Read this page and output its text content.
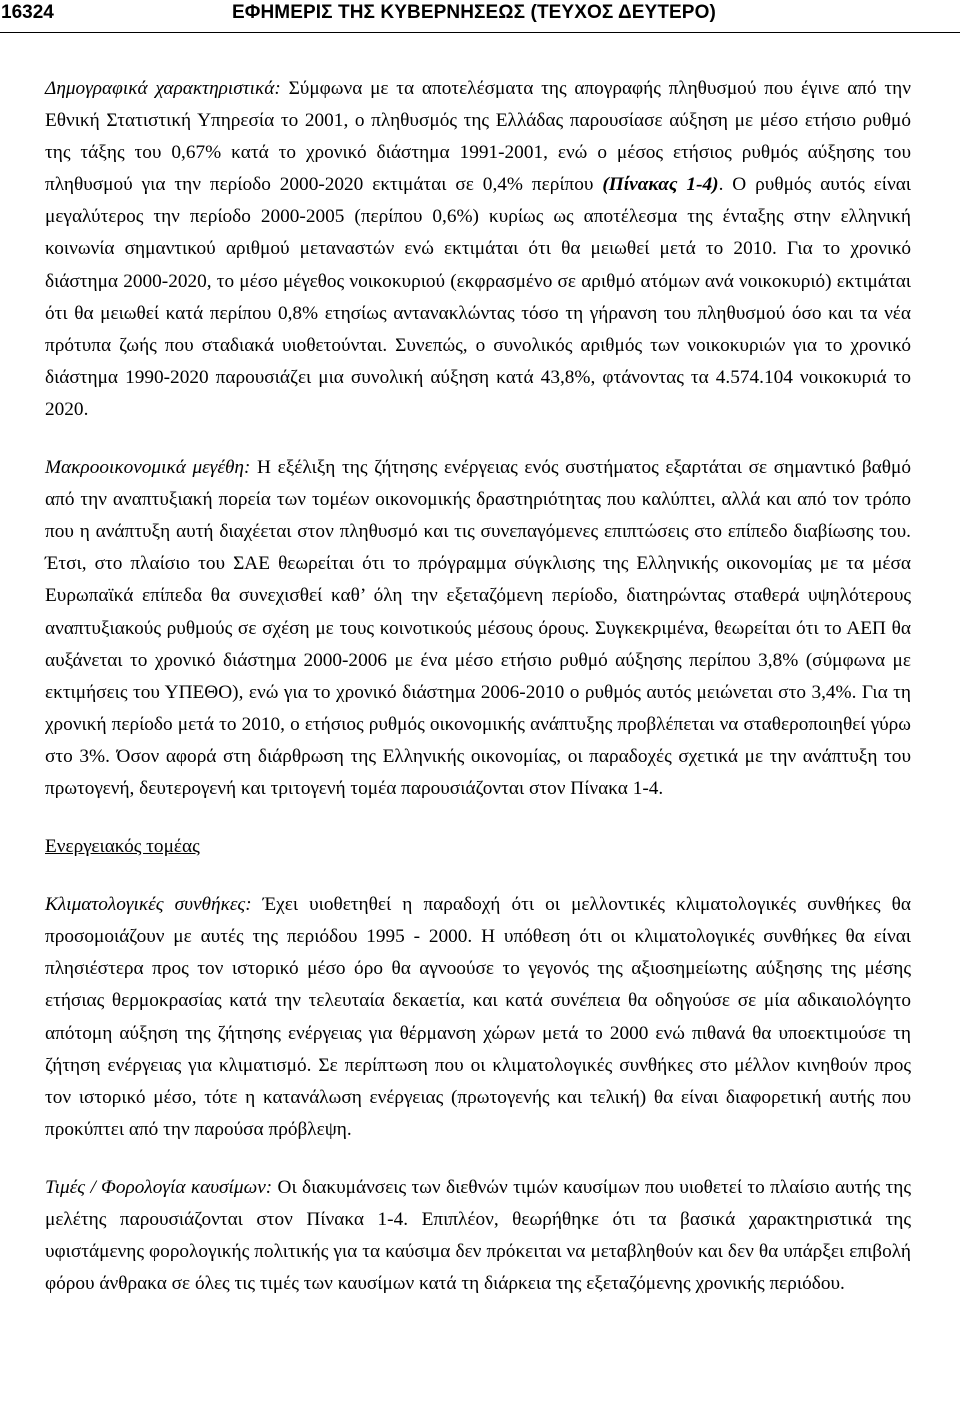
16324	ΕΦΗΜΕΡΙΣ ΤΗΣ ΚΥΒΕΡΝΗΣΕΩΣ (ΤΕΥΧΟΣ ΔΕΥΤΕΡΟ)

Δημογραφικά χαρακτηριστικά: Σύμφωνα με τα αποτελέσματα της απογραφής πληθυσμού που έγινε από την Εθνική Στατιστική Υπηρεσία το 2001, ο πληθυσμός της Ελλάδας παρουσίασε αύξηση με μέσο ετήσιο ρυθμό της τάξης του 0,67% κατά το χρονικό διάστημα 1991-2001, ενώ ο μέσος ετήσιος ρυθμός αύξησης του πληθυσμού για την περίοδο 2000-2020 εκτιμάται σε 0,4% περίπου (Πίνακας 1-4). Ο ρυθμός αυτός είναι μεγαλύτερος την περίοδο 2000-2005 (περίπου 0,6%) κυρίως ως αποτέλεσμα της ένταξης στην ελληνική κοινωνία σημαντικού αριθμού μεταναστών ενώ εκτιμάται ότι θα μειωθεί μετά το 2010. Για το χρονικό διάστημα 2000-2020, το μέσο μέγεθος νοικοκυριού (εκφρασμένο σε αριθμό ατόμων ανά νοικοκυριό) εκτιμάται ότι θα μειωθεί κατά περίπου 0,8% ετησίως αντανακλώντας τόσο τη γήρανση του πληθυσμού όσο και τα νέα πρότυπα ζωής που σταδιακά υιοθετούνται. Συνεπώς, ο συνολικός αριθμός των νοικοκυριών για το χρονικό διάστημα 1990-2020 παρουσιάζει μια συνολική αύξηση κατά 43,8%, φτάνοντας τα 4.574.104 νοικοκυριά το 2020.

Μακροοικονομικά μεγέθη: Η εξέλιξη της ζήτησης ενέργειας ενός συστήματος εξαρτάται σε σημαντικό βαθμό από την αναπτυξιακή πορεία των τομέων οικονομικής δραστηριότητας που καλύπτει, αλλά και από τον τρόπο που η ανάπτυξη αυτή διαχέεται στον πληθυσμό και τις συνεπαγόμενες επιπτώσεις στο επίπεδο διαβίωσης του. Έτσι, στο πλαίσιο του ΣΑΕ θεωρείται ότι το πρόγραμμα σύγκλισης της Ελληνικής οικονομίας με τα μέσα Ευρωπαϊκά επίπεδα θα συνεχισθεί καθ’ όλη την εξεταζόμενη περίοδο, διατηρώντας σταθερά υψηλότερους αναπτυξιακούς ρυθμούς σε σχέση με τους κοινοτικούς μέσους όρους. Συγκεκριμένα, θεωρείται ότι το ΑΕΠ θα αυξάνεται το χρονικό διάστημα 2000-2006 με ένα μέσο ετήσιο ρυθμό αύξησης περίπου 3,8% (σύμφωνα με εκτιμήσεις του ΥΠΕΘΟ), ενώ για το χρονικό διάστημα 2006-2010 ο ρυθμός αυτός μειώνεται στο 3,4%. Για τη χρονική περίοδο μετά το 2010, ο ετήσιος ρυθμός οικονομικής ανάπτυξης προβλέπεται να σταθεροποιηθεί γύρω στο 3%. Όσον αφορά στη διάρθρωση της Ελληνικής οικονομίας, οι παραδοχές σχετικά με την ανάπτυξη του πρωτογενή, δευτερογενή και τριτογενή τομέα παρουσιάζονται στον Πίνακα 1-4.

Ενεργειακός τομέας

Κλιματολογικές συνθήκες: Έχει υιοθετηθεί η παραδοχή ότι οι μελλοντικές κλιματολογικές συνθήκες θα προσομοιάζουν με αυτές της περιόδου 1995 - 2000. Η υπόθεση ότι οι κλιματολογικές συνθήκες θα είναι πλησιέστερα προς τον ιστορικό μέσο όρο θα αγνοούσε το γεγονός της αξιοσημείωτης αύξησης της μέσης ετήσιας θερμοκρασίας κατά την τελευταία δεκαετία, και κατά συνέπεια θα οδηγούσε σε μία αδικαιολόγητο απότομη αύξηση της ζήτησης ενέργειας για θέρμανση χώρων μετά το 2000 ενώ πιθανά θα υποεκτιμούσε τη ζήτηση ενέργειας για κλιματισμό. Σε περίπτωση που οι κλιματολογικές συνθήκες στο μέλλον κινηθούν προς τον ιστορικό μέσο, τότε η κατανάλωση ενέργειας (πρωτογενής και τελική) θα είναι διαφορετική αυτής που προκύπτει από την παρούσα πρόβλεψη.

Τιμές / Φορολογία καυσίμων: Οι διακυμάνσεις των διεθνών τιμών καυσίμων που υιοθετεί το πλαίσιο αυτής της μελέτης παρουσιάζονται στον Πίνακα 1-4. Επιπλέον, θεωρήθηκε ότι τα βασικά χαρακτηριστικά της υφιστάμενης φορολογικής πολιτικής για τα καύσιμα δεν πρόκειται να μεταβληθούν και δεν θα υπάρξει επιβολή φόρου άνθρακα σε όλες τις τιμές των καυσίμων κατά τη διάρκεια της εξεταζόμενης χρονικής περιόδου.
